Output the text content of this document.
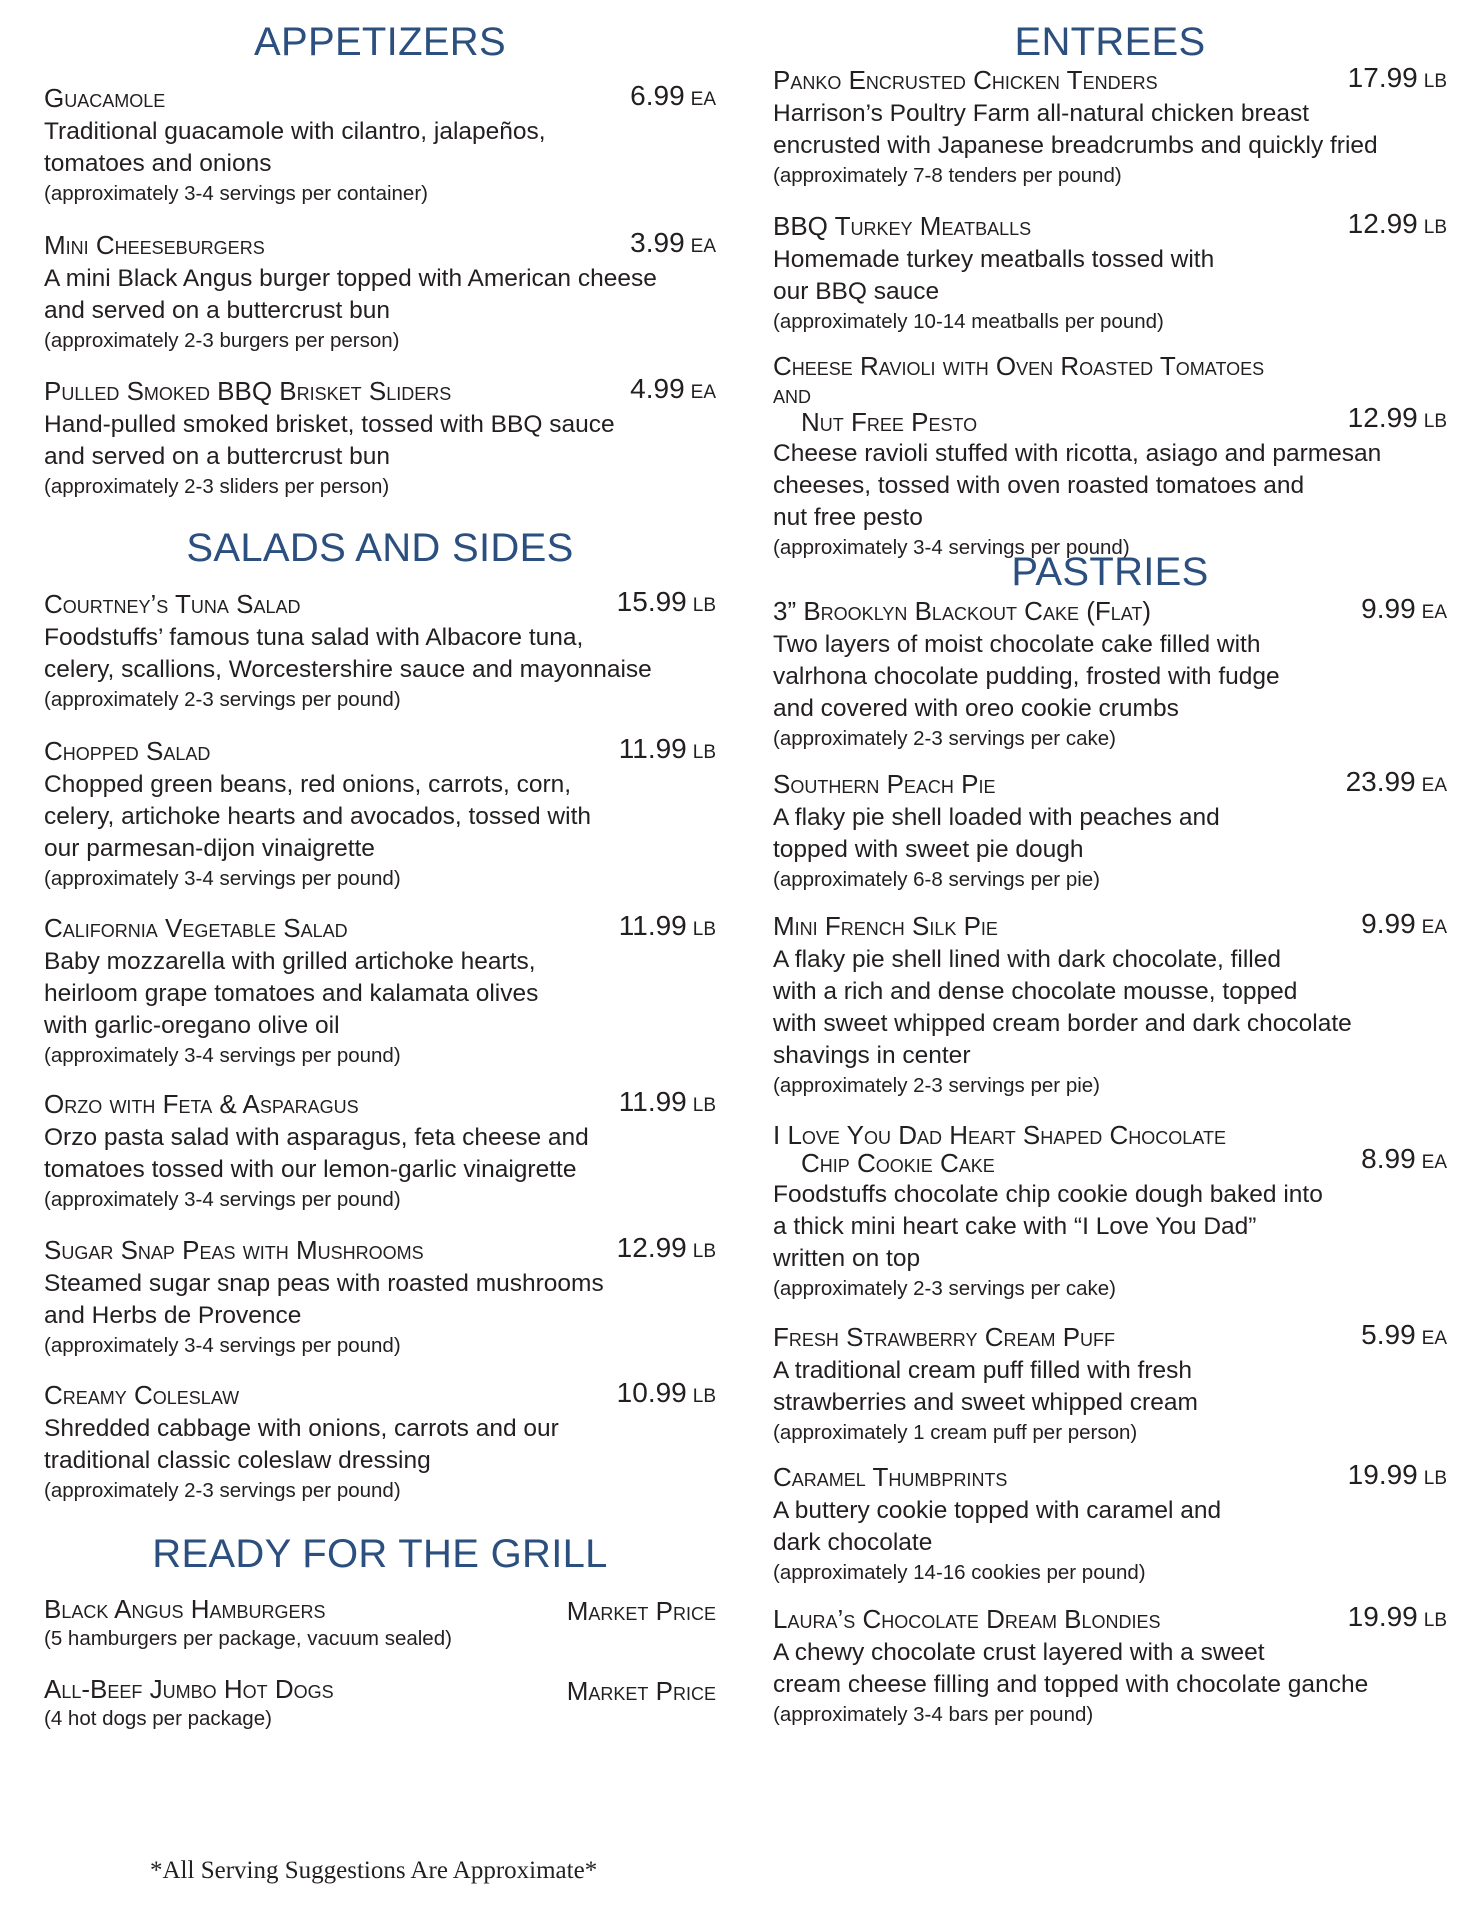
APPETIZERS
Guacamole	6.99 EA
Traditional guacamole with cilantro, jalapeños,
tomatoes and onions
(approximately 3-4 servings per container)
Mini Cheeseburgers	3.99 EA
A mini Black Angus burger topped with American cheese
and served on a buttercrust bun
(approximately 2-3 burgers per person)
Pulled Smoked BBQ Brisket Sliders	4.99 EA
Hand-pulled smoked brisket, tossed with BBQ sauce
and served on a buttercrust bun
(approximately 2-3 sliders per person)
SALADS AND SIDES
Courtney’s Tuna Salad	15.99 LB
Foodstuffs’ famous tuna salad with Albacore tuna,
celery, scallions, Worcestershire sauce and mayonnaise
(approximately 2-3 servings per pound)
Chopped Salad	11.99 LB
Chopped green beans, red onions, carrots, corn,
celery, artichoke hearts and avocados, tossed with
our parmesan-dijon vinaigrette
(approximately 3-4 servings per pound)
California Vegetable Salad	11.99 LB
Baby mozzarella with grilled artichoke hearts,
heirloom grape tomatoes and kalamata olives
with garlic-oregano olive oil
(approximately 3-4 servings per pound)
Orzo with Feta & Asparagus	11.99 LB
Orzo pasta salad with asparagus, feta cheese and
tomatoes tossed with our lemon-garlic vinaigrette
(approximately 3-4 servings per pound)
Sugar Snap Peas with Mushrooms	12.99 LB
Steamed sugar snap peas with roasted mushrooms
and Herbs de Provence
(approximately 3-4 servings per pound)
Creamy Coleslaw	10.99 LB
Shredded cabbage with onions, carrots and our
traditional classic coleslaw dressing
(approximately 2-3 servings per pound)
READY FOR THE GRILL
Black Angus Hamburgers	Market Price
(5 hamburgers per package, vacuum sealed)
All-Beef Jumbo Hot Dogs	Market Price
(4 hot dogs per package)
ENTREES
Panko Encrusted Chicken Tenders	17.99 LB
Harrison’s Poultry Farm all-natural chicken breast
encrusted with Japanese breadcrumbs and quickly fried
(approximately 7-8 tenders per pound)
BBQ Turkey Meatballs	12.99 LB
Homemade turkey meatballs tossed with
our BBQ sauce
(approximately 10-14 meatballs per pound)
Cheese Ravioli with Oven Roasted Tomatoes and
Nut Free Pesto	12.99 LB
Cheese ravioli stuffed with ricotta, asiago and parmesan
cheeses, tossed with oven roasted tomatoes and
nut free pesto
(approximately 3-4 servings per pound)
PASTRIES
3” Brooklyn Blackout Cake (Flat)	9.99 EA
Two layers of moist chocolate cake filled with
valrhona chocolate pudding, frosted with fudge
and covered with oreo cookie crumbs
(approximately 2-3 servings per cake)
Southern Peach Pie	23.99 EA
A flaky pie shell loaded with peaches and
topped with sweet pie dough
(approximately 6-8 servings per pie)
Mini French Silk Pie	9.99 EA
A flaky pie shell lined with dark chocolate, filled
with a rich and dense chocolate mousse, topped
with sweet whipped cream border and dark chocolate
shavings in center
(approximately 2-3 servings per pie)
I Love You Dad Heart Shaped Chocolate
Chip Cookie Cake	8.99 EA
Foodstuffs chocolate chip cookie dough baked into
a thick mini heart cake with “I Love You Dad”
written on top
(approximately 2-3 servings per cake)
Fresh Strawberry Cream Puff	5.99 EA
A traditional cream puff filled with fresh
strawberries and sweet whipped cream
(approximately 1 cream puff per person)
Caramel Thumbprints	19.99 LB
A buttery cookie topped with caramel and
dark chocolate
(approximately 14-16 cookies per pound)
Laura’s Chocolate Dream Blondies	19.99 LB
A chewy chocolate crust layered with a sweet
cream cheese filling and topped with chocolate ganche
(approximately 3-4 bars per pound)
*All Serving Suggestions Are Approximate*
